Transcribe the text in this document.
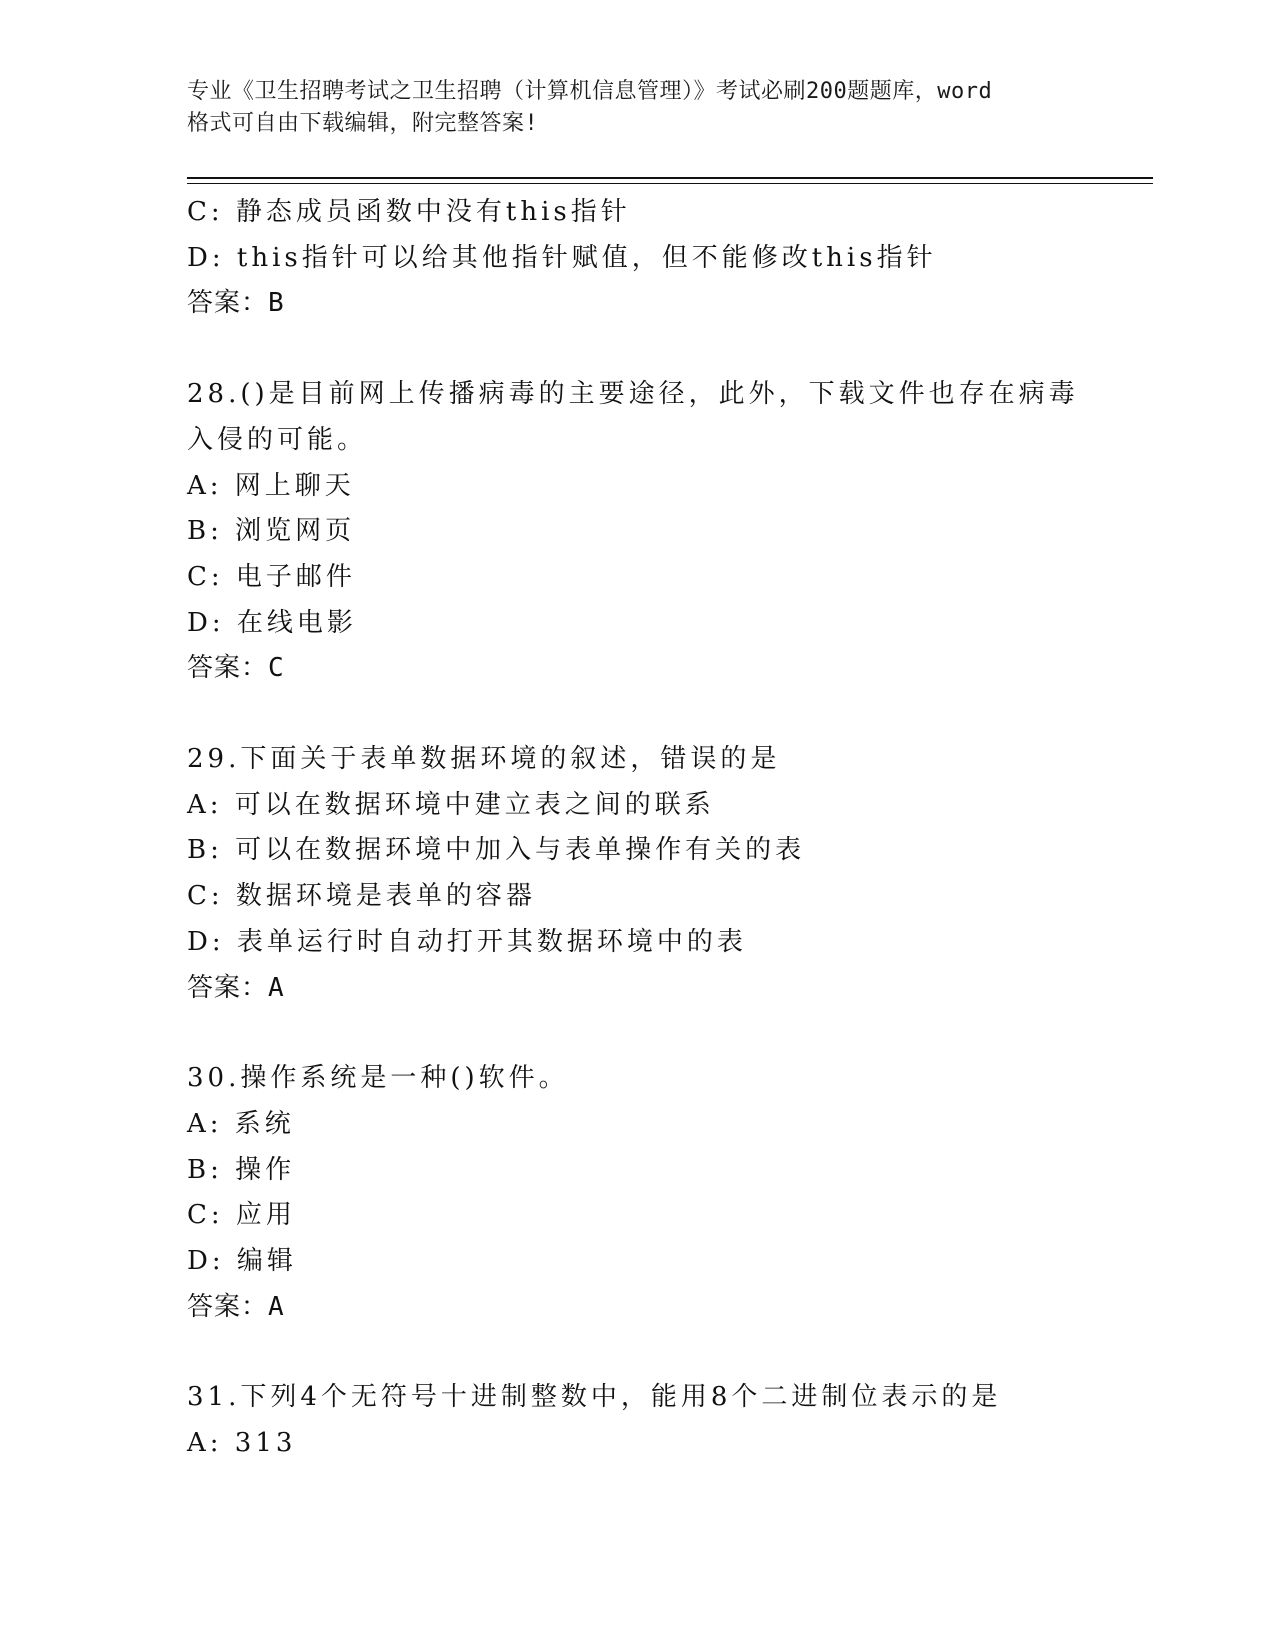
专业《卫生招聘考试之卫生招聘（计算机信息管理）》考试必刷200题题库，word
格式可自由下载编辑，附完整答案!
C: 静态成员函数中没有this指针
D: this指针可以给其他指针赋值，但不能修改this指针
答案：B
28.()是目前网上传播病毒的主要途径，此外，下载文件也存在病毒入侵的可能。
A: 网上聊天
B: 浏览网页
C: 电子邮件
D: 在线电影
答案：C
29.下面关于表单数据环境的叙述，错误的是
A: 可以在数据环境中建立表之间的联系
B: 可以在数据环境中加入与表单操作有关的表
C: 数据环境是表单的容器
D: 表单运行时自动打开其数据环境中的表
答案：A
30.操作系统是一种()软件。
A: 系统
B: 操作
C: 应用
D: 编辑
答案：A
31.下列4个无符号十进制整数中，能用8个二进制位表示的是
A: 313
